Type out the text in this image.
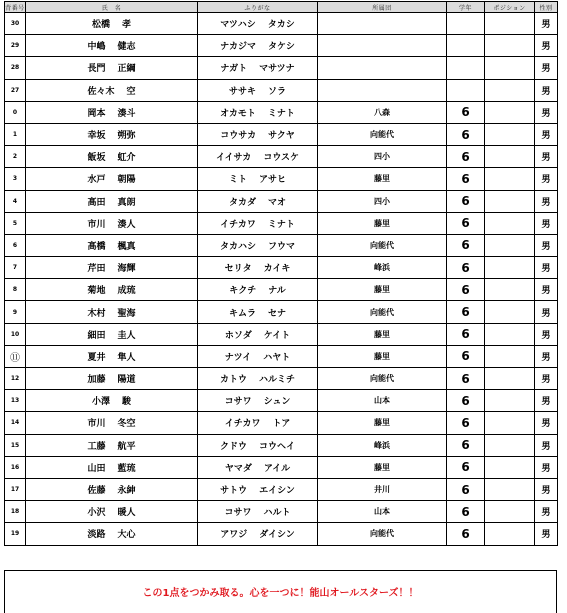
背番号	氏　名	ふりがな	所属団	学年	ポジション	性別
30	松橋 孝	マツハシ タカシ				男
29	中嶋 健志	ナカジマ タケシ				男
28	長門 正綱	ナガト マサツナ				男
27	佐々木 空	ササキ ソラ				男
0	岡本 湊斗	オカモト ミナト	八森	6		男
1	幸坂 朔弥	コウサカ サクヤ	向能代	6		男
2	飯坂 虹介	イイサカ コウスケ	四小	6		男
3	水戸 朝陽	ミト アサヒ	藤里	6		男
4	高田 真朗	タカダ マオ	四小	6		男
5	市川 湊人	イチカワ ミナト	藤里	6		男
6	高橋 楓真	タカハシ フウマ	向能代	6		男
7	芹田 海輝	セリタ カイキ	峰浜	6		男
8	菊地 成琉	キクチ ナル	藤里	6		男
9	木村 聖海	キムラ セナ	向能代	6		男
10	細田 圭人	ホソダ ケイト	藤里	6		男
⑪	夏井 隼人	ナツイ ハヤト	藤里	6		男
12	加藤 陽道	カトウ ハルミチ	向能代	6		男
13	小澤 駿	コサワ シュン	山本	6		男
14	市川 冬空	イチカワ トア	藤里	6		男
15	工藤 航平	クドウ コウヘイ	峰浜	6		男
16	山田 藍琉	ヤマダ アイル	藤里	6		男
17	佐藤 永紳	サトウ エイシン	井川	6		男
18	小沢 暖人	コサワ ハルト	山本	6		男
19	淡路 大心	アワジ ダイシン	向能代	6		男
この1点をつかみ取る。心を一つに！能山オールスターズ！！
